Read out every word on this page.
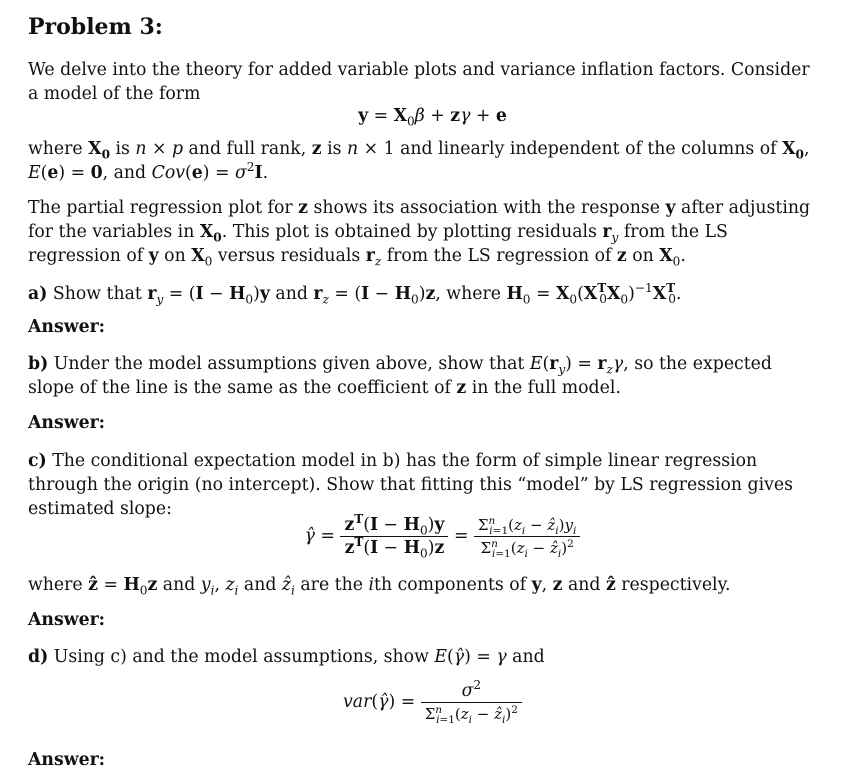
Problem 3:

We delve into the theory for added variable plots and variance inflation factors. Consider a model of the form

$y = X_0\beta + z\gamma + e$

where $X_0$ is n × p and full rank, z is n × 1 and linearly independent of the columns of $X_0$, E(e) = 0, and $Cov(e) = \sigma^2I$.

The partial regression plot for z shows its association with the response y after adjusting for the variables in $X_0$. This plot is obtained by plotting residuals $r_y$ from the LS regression of y on $X_0$ versus residuals $r_z$ from the LS regression of z on $X_0$.

a) Show that $r_y = (I - H_0)y$ and $r_z = (I - H_0)z$, where $H_0 = X_0(X^T_0X_0)^{-1}X^T_0$.

Answer:

b) Under the model assumptions given above, show that $E(r_y) = r_z\gamma$, so the expected slope of the line is the same as the coefficient of z in the full model.

Answer:

c) The conditional expectation model in b) has the form of simple linear regression through the origin (no intercept). Show that fitting this “model” by LS regression gives estimated slope:

γ̂ = $\frac{z^T(I - H_0)y}{z^T(I - H_0)z} = \frac{\Sigma^n_{i=1}(z_i - ẑ_i)y_i}{\Sigma^n_{i=1}(z_i - ẑ_i)^2}$

where ẑ = $H_0z$ and $y_i$, $z_i$ and ẑ$_i$ are the ith components of y, z and ẑ respectively.

Answer:

d) Using c) and the model assumptions, show E(γ̂) = γ and

var(γ̂) = $\frac{\sigma^2}{\Sigma^n_{i=1}(z_i - ẑ_i)^2}$

Answer:
